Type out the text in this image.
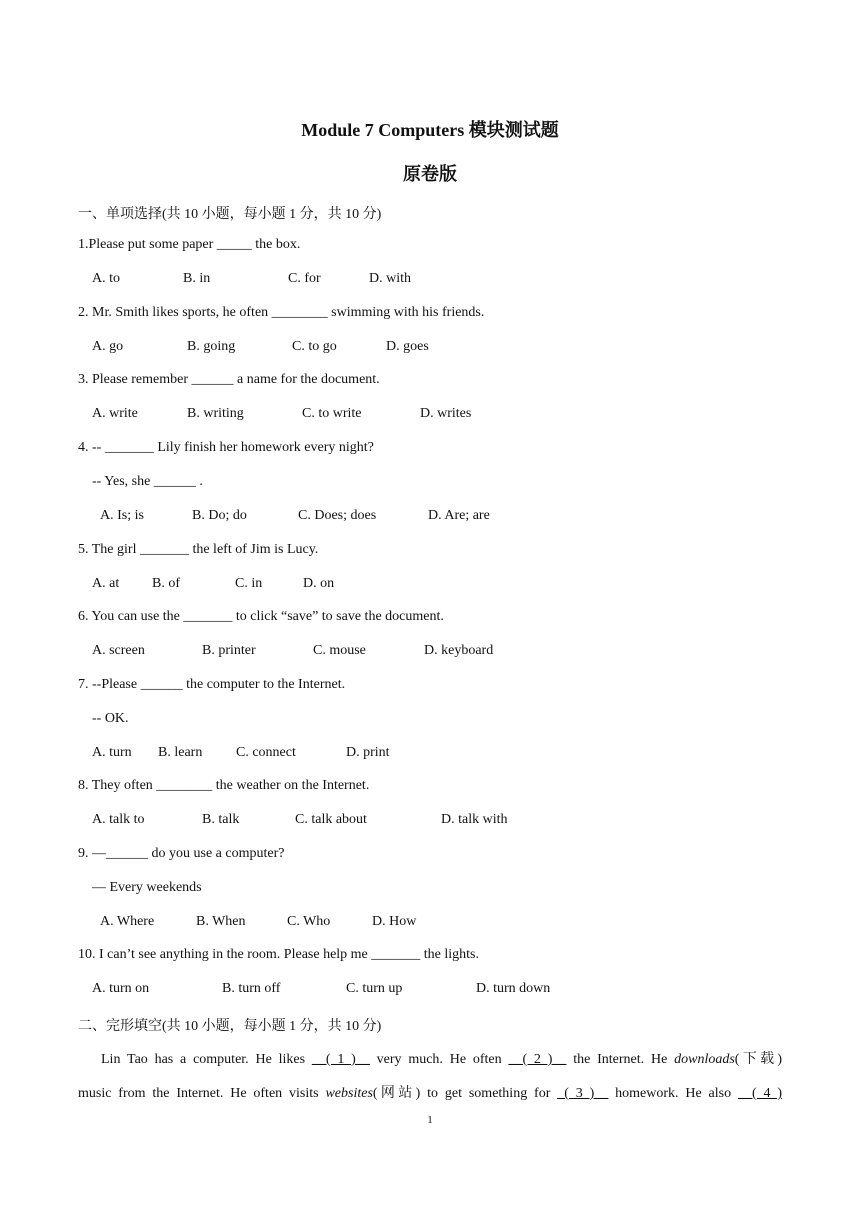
Module 7 Computers 模块测试题
原卷版
一、单项选择(共 10 小题，每小题 1 分，共 10 分)
1.Please put some paper _____ the box.
A. to	B. in	C. for	D. with
2. Mr. Smith likes sports, he often ________ swimming with his friends.
A. go	B. going	C. to go	D. goes
3. Please remember ______ a name for the document.
A. write	B. writing	C. to write	D. writes
4. -- _______ Lily finish her homework every night?
-- Yes, she ______ .
A. Is; is	B. Do; do	C. Does; does	D. Are; are
5. The girl _______ the left of Jim is Lucy.
A. at B. of	C. in	D. on
6. You can use the _______ to click “save” to save the document.
A. screen	B. printer	C. mouse	D. keyboard
7. --Please ______ the computer to the Internet.
-- OK.
A. turn B. learn C. connect	D. print
8. They often ________ the weather on the Internet.
A. talk to	B. talk	C. talk about	D. talk with
9. —______ do you use a computer?
— Every weekends
A. Where	B. When	C. Who	D. How
10. I can’t see anything in the room. Please help me _______ the lights.
A. turn on	B. turn off	C. turn up	D. turn down
二、完形填空(共 10 小题，每小题 1 分，共 10 分)
Lin Tao has a computer. He likes __( 1 )__ very much. He often __( 2 )__ the Internet. He downloads(下载)
music from the Internet. He often visits websites(网站) to get something for _( 3 )__ homework. He also __( 4 )
1
